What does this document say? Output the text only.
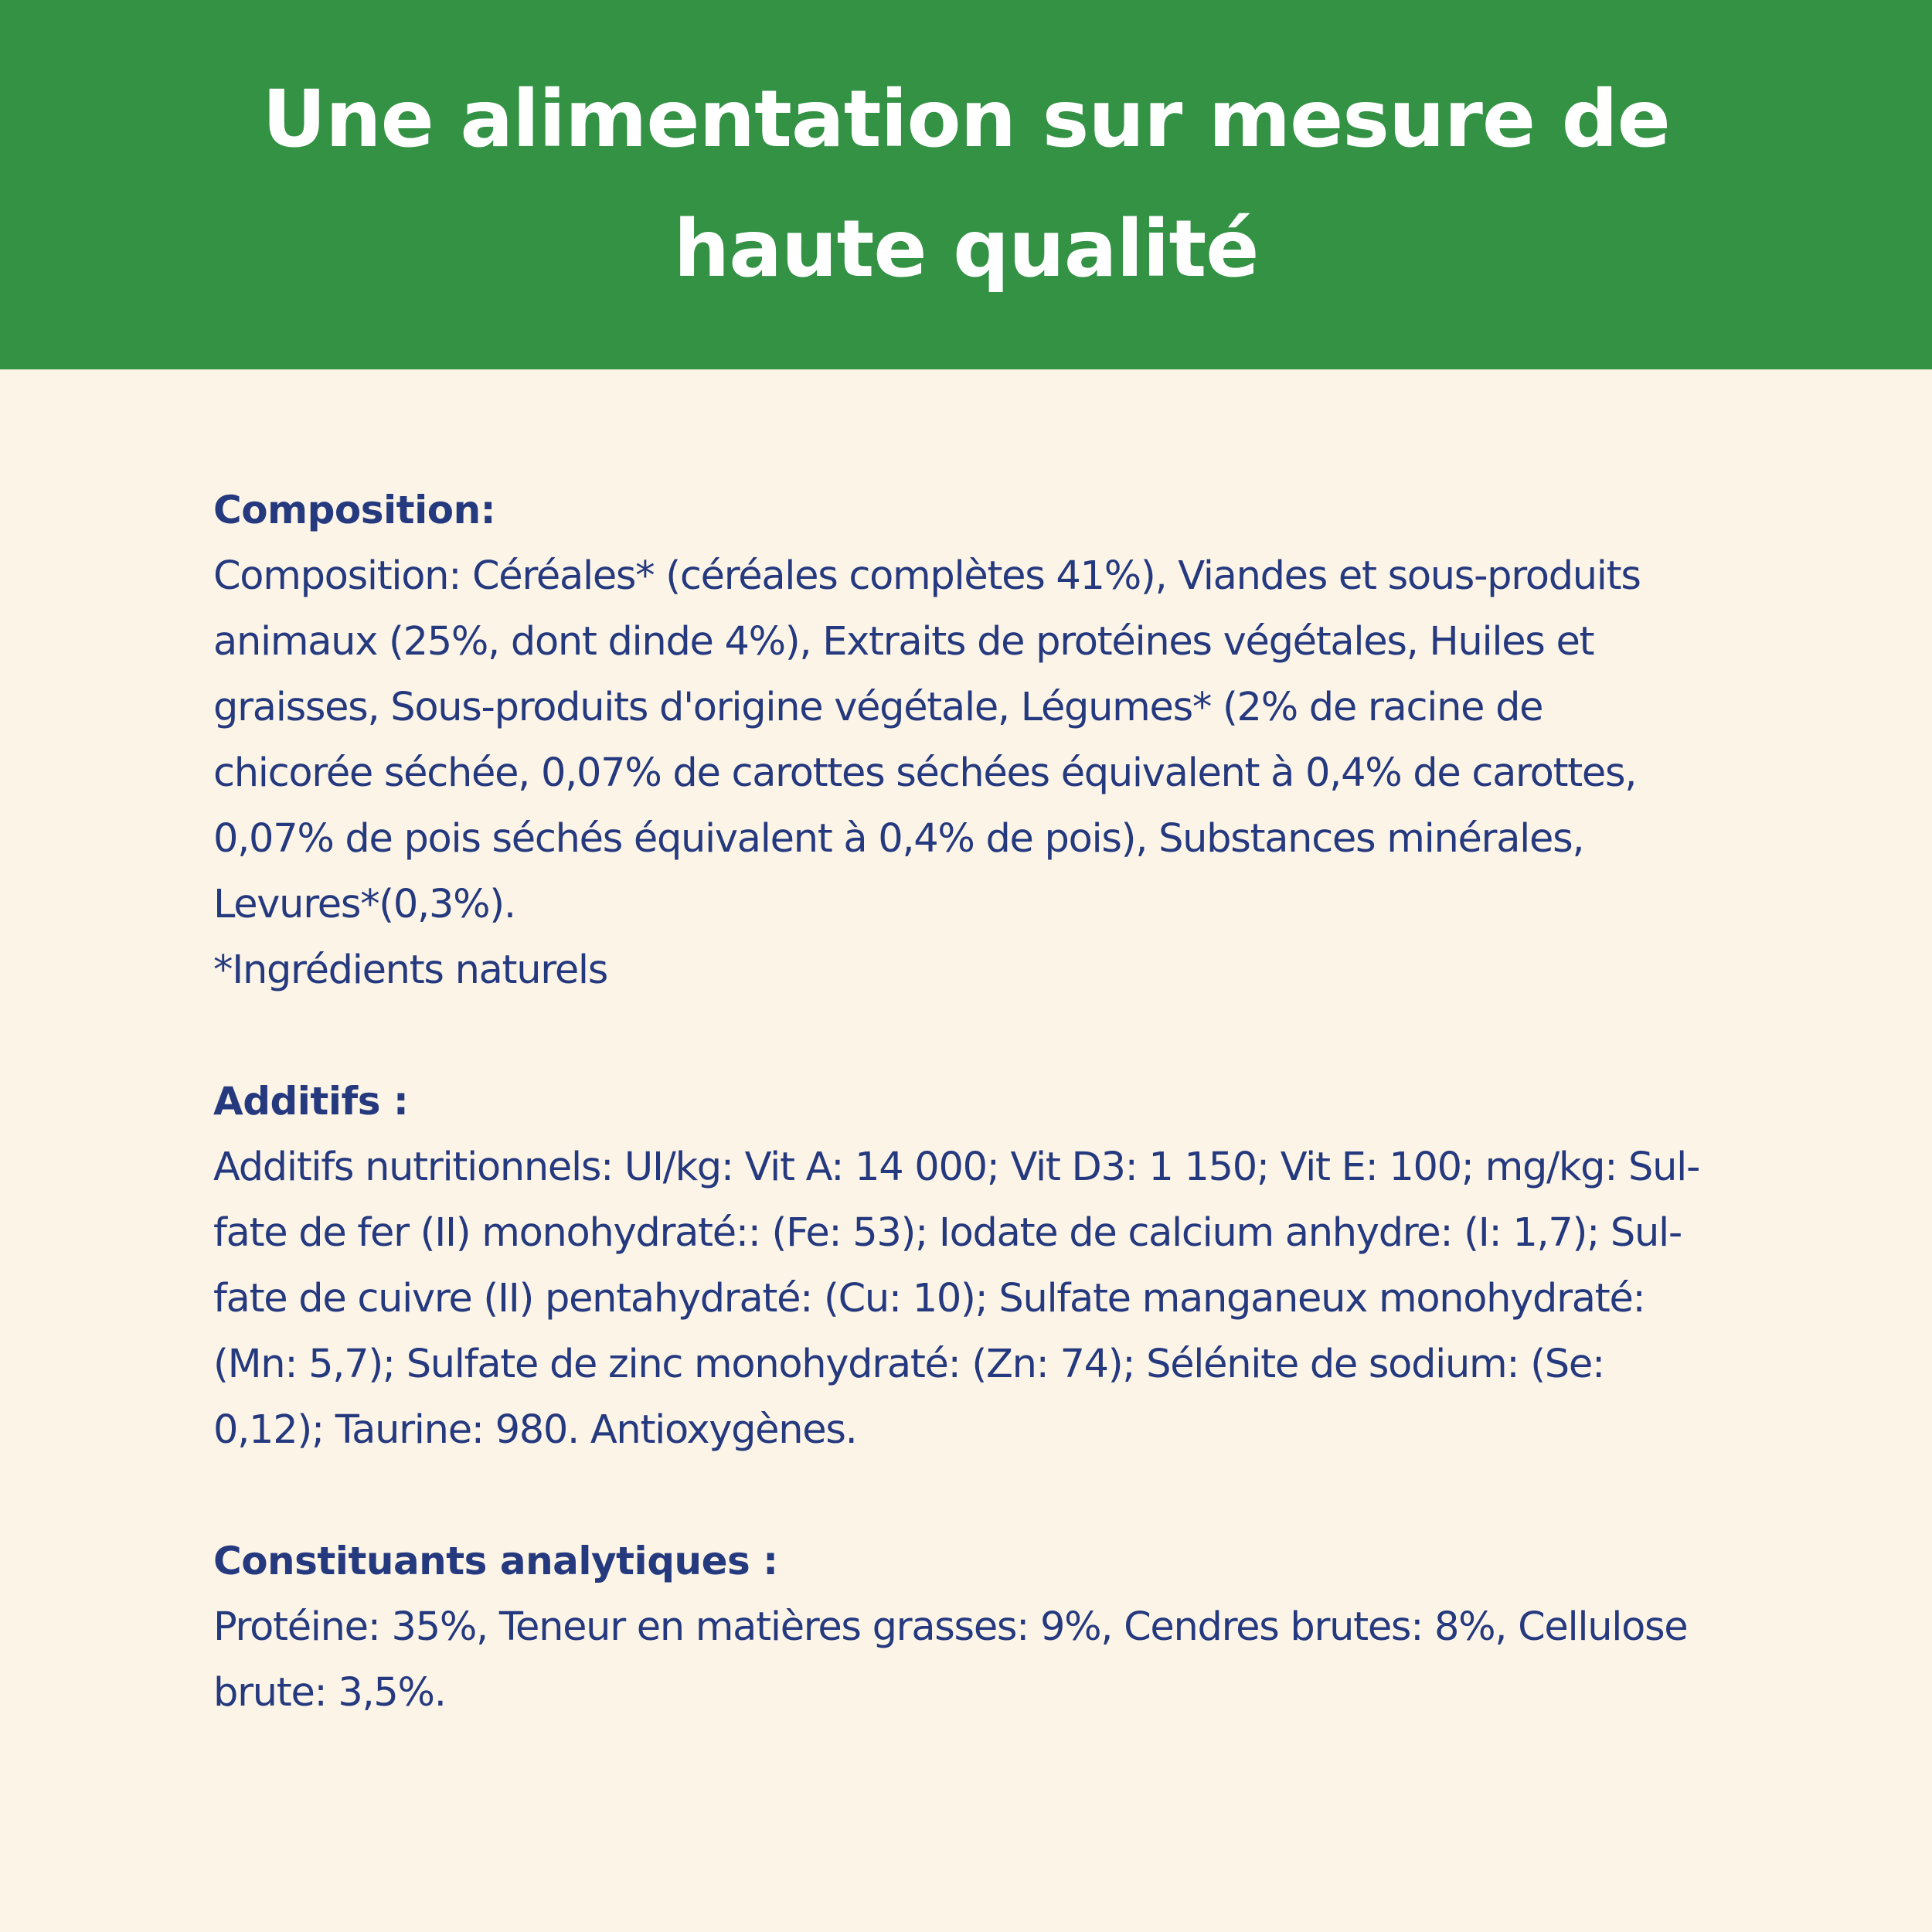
Une alimentation sur mesure de
haute qualité

Composition:

Composition: Céréales* (céréales complètes 41%), Viandes et sous-produits

animaux (25%, dont dinde 4%), Extraits de protéines végétales, Huiles et

graisses, Sous-produits d'origine végétale, Légumes* (2% de racine de

chicorée séchée, 0,07% de carottes séchées équivalent à 0,4% de carottes,

0,07% de pois séchés équivalent à 0,4% de pois), Substances minérales,

Levures*(0,3%).

*Ingrédients naturels

Additifs :

Additifs nutritionnels: UI/kg: Vit A: 14 000; Vit D3: 1 150; Vit E: 100; mg/kg: Sul-

fate de fer (II) monohydraté:: (Fe: 53); Iodate de calcium anhydre: (I: 1,7); Sul-

fate de cuivre (II) pentahydraté: (Cu: 10); Sulfate manganeux monohydraté:

(Mn: 5,7); Sulfate de zinc monohydraté: (Zn: 74); Sélénite de sodium: (Se:

0,12); Taurine: 980. Antioxygènes.

Constituants analytiques :

Protéine: 35%, Teneur en matières grasses: 9%, Cendres brutes: 8%, Cellulose

brute: 3,5%.
